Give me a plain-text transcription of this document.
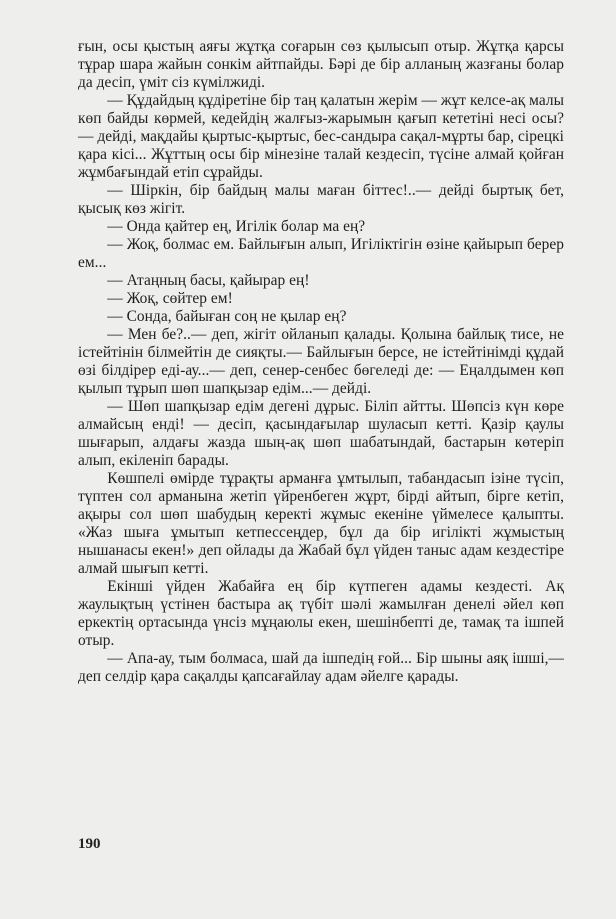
ғын, осы қыстың аяғы жұтқа соғарын сөз қылысып отыр. Жұтқа қарсы тұрар шара жайын сонкім айтпайды. Бәрі де бір алланың жазғаны болар да десіп, үміт сіз күмілжиді.

— Құдайдың құдіретіне бір таң қалатын жерім — жұт келсе-ақ малы көп байды көрмей, кедейдің жалғыз-жарымын қағып кететіні несі осы? — дейді, мақдайы қыртыс-қыртыс, бес-сандыра сақал-мұрты бар, сірецкі қара кісі... Жұттың осы бір мінезіне талай кездесіп, түсіне алмай қойған жұмбағындай етіп сұрайды.

— Шіркін, бір байдың малы маған біттес!..— дейді быртық бет, қысық көз жігіт.

— Онда қайтер ең, Игілік болар ма ең?

— Жоқ, болмас ем. Байлығын алып, Игіліктігін өзіне қайырып берер ем...

— Атаңның басы, қайырар ең!

— Жоқ, сөйтер ем!

— Сонда, байыған соң не қылар ең?

— Мен бе?..— деп, жігіт ойланып қалады. Қолына байлық тисе, не істейтінін білмейтін де сияқты.— Байлығын берсе, не істейтінімді құдай өзі білдірер еді-ау...— деп, сенер-сенбес бөгеледі де: — Еңалдымен көп қылып тұрып шөп шапқызар едім...— дейді.

— Шөп шапқызар едім дегені дұрыс. Біліп айтты. Шөпсіз күн көре алмайсың енді! — десіп, қасындағылар шуласып кетті. Қазір қаулы шығарып, алдағы жазда шың-ақ шөп шабатындай, бастарын көтеріп алып, екіленіп барады.

Көшпелі өмірде тұрақты арманға ұмтылып, табандасып ізіне түсіп, түптен сол арманына жетіп үйренбеген жұрт, бірді айтып, бірге кетіп, ақыры сол шөп шабудың керекті жұмыс екеніне үймелесе қалыпты. «Жаз шыға ұмытып кетпессеңдер, бұл да бір игілікті жұмыстың нышанасы екен!» деп ойлады да Жабай бұл үйден таныс адам кездестіре алмай шығып кетті.

Екінші үйден Жабайға ең бір күтпеген адамы кездесті. Ақ жаулықтың үстінен бастыра ақ түбіт шәлі жамылған денелі әйел көп еркектің ортасында үнсіз мұңаюлы екен, шешінбепті де, тамақ та ішпей отыр.

— Апа-ау, тым болмаса, шай да ішпедің ғой... Бір шыны аяқ ішші,— деп селдір қара сақалды қапсағайлау адам әйелге қарады.

190
